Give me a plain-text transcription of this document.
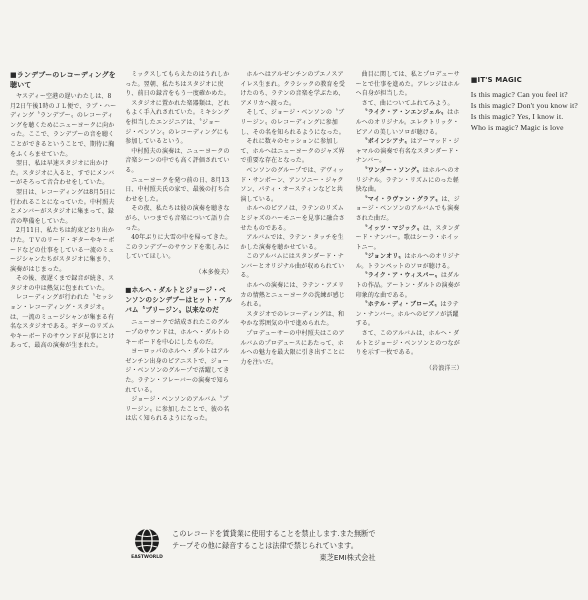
■ランデブーのレコーディングを聴いて

ヤスディー空港の遅いわたしは、8月2日午後1時のＪＬ便で、ラブ・ハーディング〝ランデブー〟のレコーディングを聴くためにニューヨークに向かった。ここで、ランデブーの音を聴くことができるということで、期待に胸をふくらませていた。

翌日、私は早速スタジオに出かけた。スタジオに入ると、すでにメンバーがそろって音合わせをしていた。

翌日は、レコーディングは8月5日に行われることになっていた。中村照夫とメンバーがスタジオに集まって、録音の準備をしていた。

2月11日、私たちは約束どおり出かけた。ＴＶのリード・ギターやキーボードなどの仕事をしている一流のミュージシャンたちがスタジオに集まり、演奏がはじまった。

その後、夜遅くまで録音が続き、スタジオの中は熱気に包まれていた。

レコーディングが行われた〝セッション・レコーディング・スタジオ〟は、一流のミュージシャンが集まる有名なスタジオである。ギターのリズムやキーボードのサウンドが見事にとけあって、最高の演奏が生まれた。

ミックスしてもらえたのはうれしかった。翌朝、私たちはスタジオに戻り、前日の録音をもう一度確かめた。

スタジオに置かれた楽器類は、どれもよく手入れされていた。ミキシングを担当したエンジニアは、〝ジョージ・ベンソン〟のレコーディングにも参加しているという。

中村照夫の演奏は、ニューヨークの音楽シーンの中でも高く評価されている。

ニューヨークを発つ前の日、8月13日、中村照夫氏の家で、最後の打ち合わせをした。

その夜、私たちは彼の演奏を聴きながら、いつまでも音楽について語り合った。

40年ぶりに大雪の中を帰ってきた。このランデブーのサウンドを楽しみにしていてほしい。

（本多俊夫）
■ホルヘ・ダルトとジョージ・ベンソンのシンデブーはヒット・アルバム〝ブリージン〟以来なのだ

ニューヨークで結成されたこのグループのサウンドは、ホルヘ・ダルトのキーボードを中心にしたものだ。

ヨーロッパのホルヘ・ダルトはアルゼンチン出身のピアニストで、ジョージ・ベンソンのグループで活躍してきた。ラテン・フレーバーの演奏で知られている。

ジョージ・ベンソンのアルバム〝ブリージン〟に参加したことで、彼の名は広く知られるようになった。

ホルヘはアルゼンチンのブエノスアイレス生まれ。クラシックの教育を受けたのち、ラテンの音楽を学ぶため、アメリカへ渡った。

そして、ジョージ・ベンソンの〝ブリージン〟のレコーディングに参加し、その名を知られるようになった。

それに数々のセッションに参加して、ホルヘはニューヨークのジャズ界で重要な存在となった。

ベンソンのグループでは、デヴィッド・サンボーン、アンソニー・ジャクソン、パティ・オースティンなどと共演している。

ホルヘのピアノは、ラテンのリズムとジャズのハーモニーを見事に融合させたものである。

アルバムでは、ラテン・タッチを生かした演奏を聴かせている。

このアルバムにはスタンダード・ナンバーとオリジナル曲が収められている。

ホルヘの演奏には、ラテン・アメリカの情熱とニューヨークの洗練が感じられる。

スタジオでのレコーディングは、和やかな雰囲気の中で進められた。

プロデューサーの中村照夫はこのアルバムのプロデュースにあたって、ホルヘの魅力を最大限に引き出すことに力を注いだ。

曲目に関しては、私とプロデューサーとで仕事を進めた。アレンジはホルヘ自身が担当した。

さて、曲についてふれてみよう。

〝ライク・ア・ンエンジェル〟はホルヘのオリジナル。エレクトリック・ピアノの美しいソロが聴ける。

〝ボインシアナ〟はアーマッド・ジャマルの演奏で有名なスタンダード・ナンバー。

〝ワンダー・ソング〟はホルヘのオリジナル。ラテン・リズムにのった軽快な曲。

〝マイ・ラヴァン・グラア〟は、ジョージ・ベンソンのアルバムでも演奏された曲だ。

〝イッツ・マジック〟は、スタンダード・ナンバー。歌はシーラ・ホイットニー。

〝ジョンオリ〟はホルヘのオリジナル。トランペットのソロが聴ける。

〝ライク・ア・ウィスパー〟はダルトの作品。アートン・ダルトの演奏が印象的な曲である。

〝ホテル・ディ・ブローズ〟はラテン・ナンバー。ホルヘのピアノが活躍する。

さて、このアルバムは、ホルヘ・ダルトとジョージ・ベンソンとのつながりを示す一枚である。

（岩浪洋三）
■IT'S MAGIC

Is this magic? Can you feel it?

Is this magic? Don't you know it?

Is this magic? Yes, I know it.

Who is magic? Magic is love

EASTWORLD
このレコードを賃貸業に使用することを禁止します.また無断で
テープその他に録音することは法律で禁じられています。
東芝EMI株式会社
